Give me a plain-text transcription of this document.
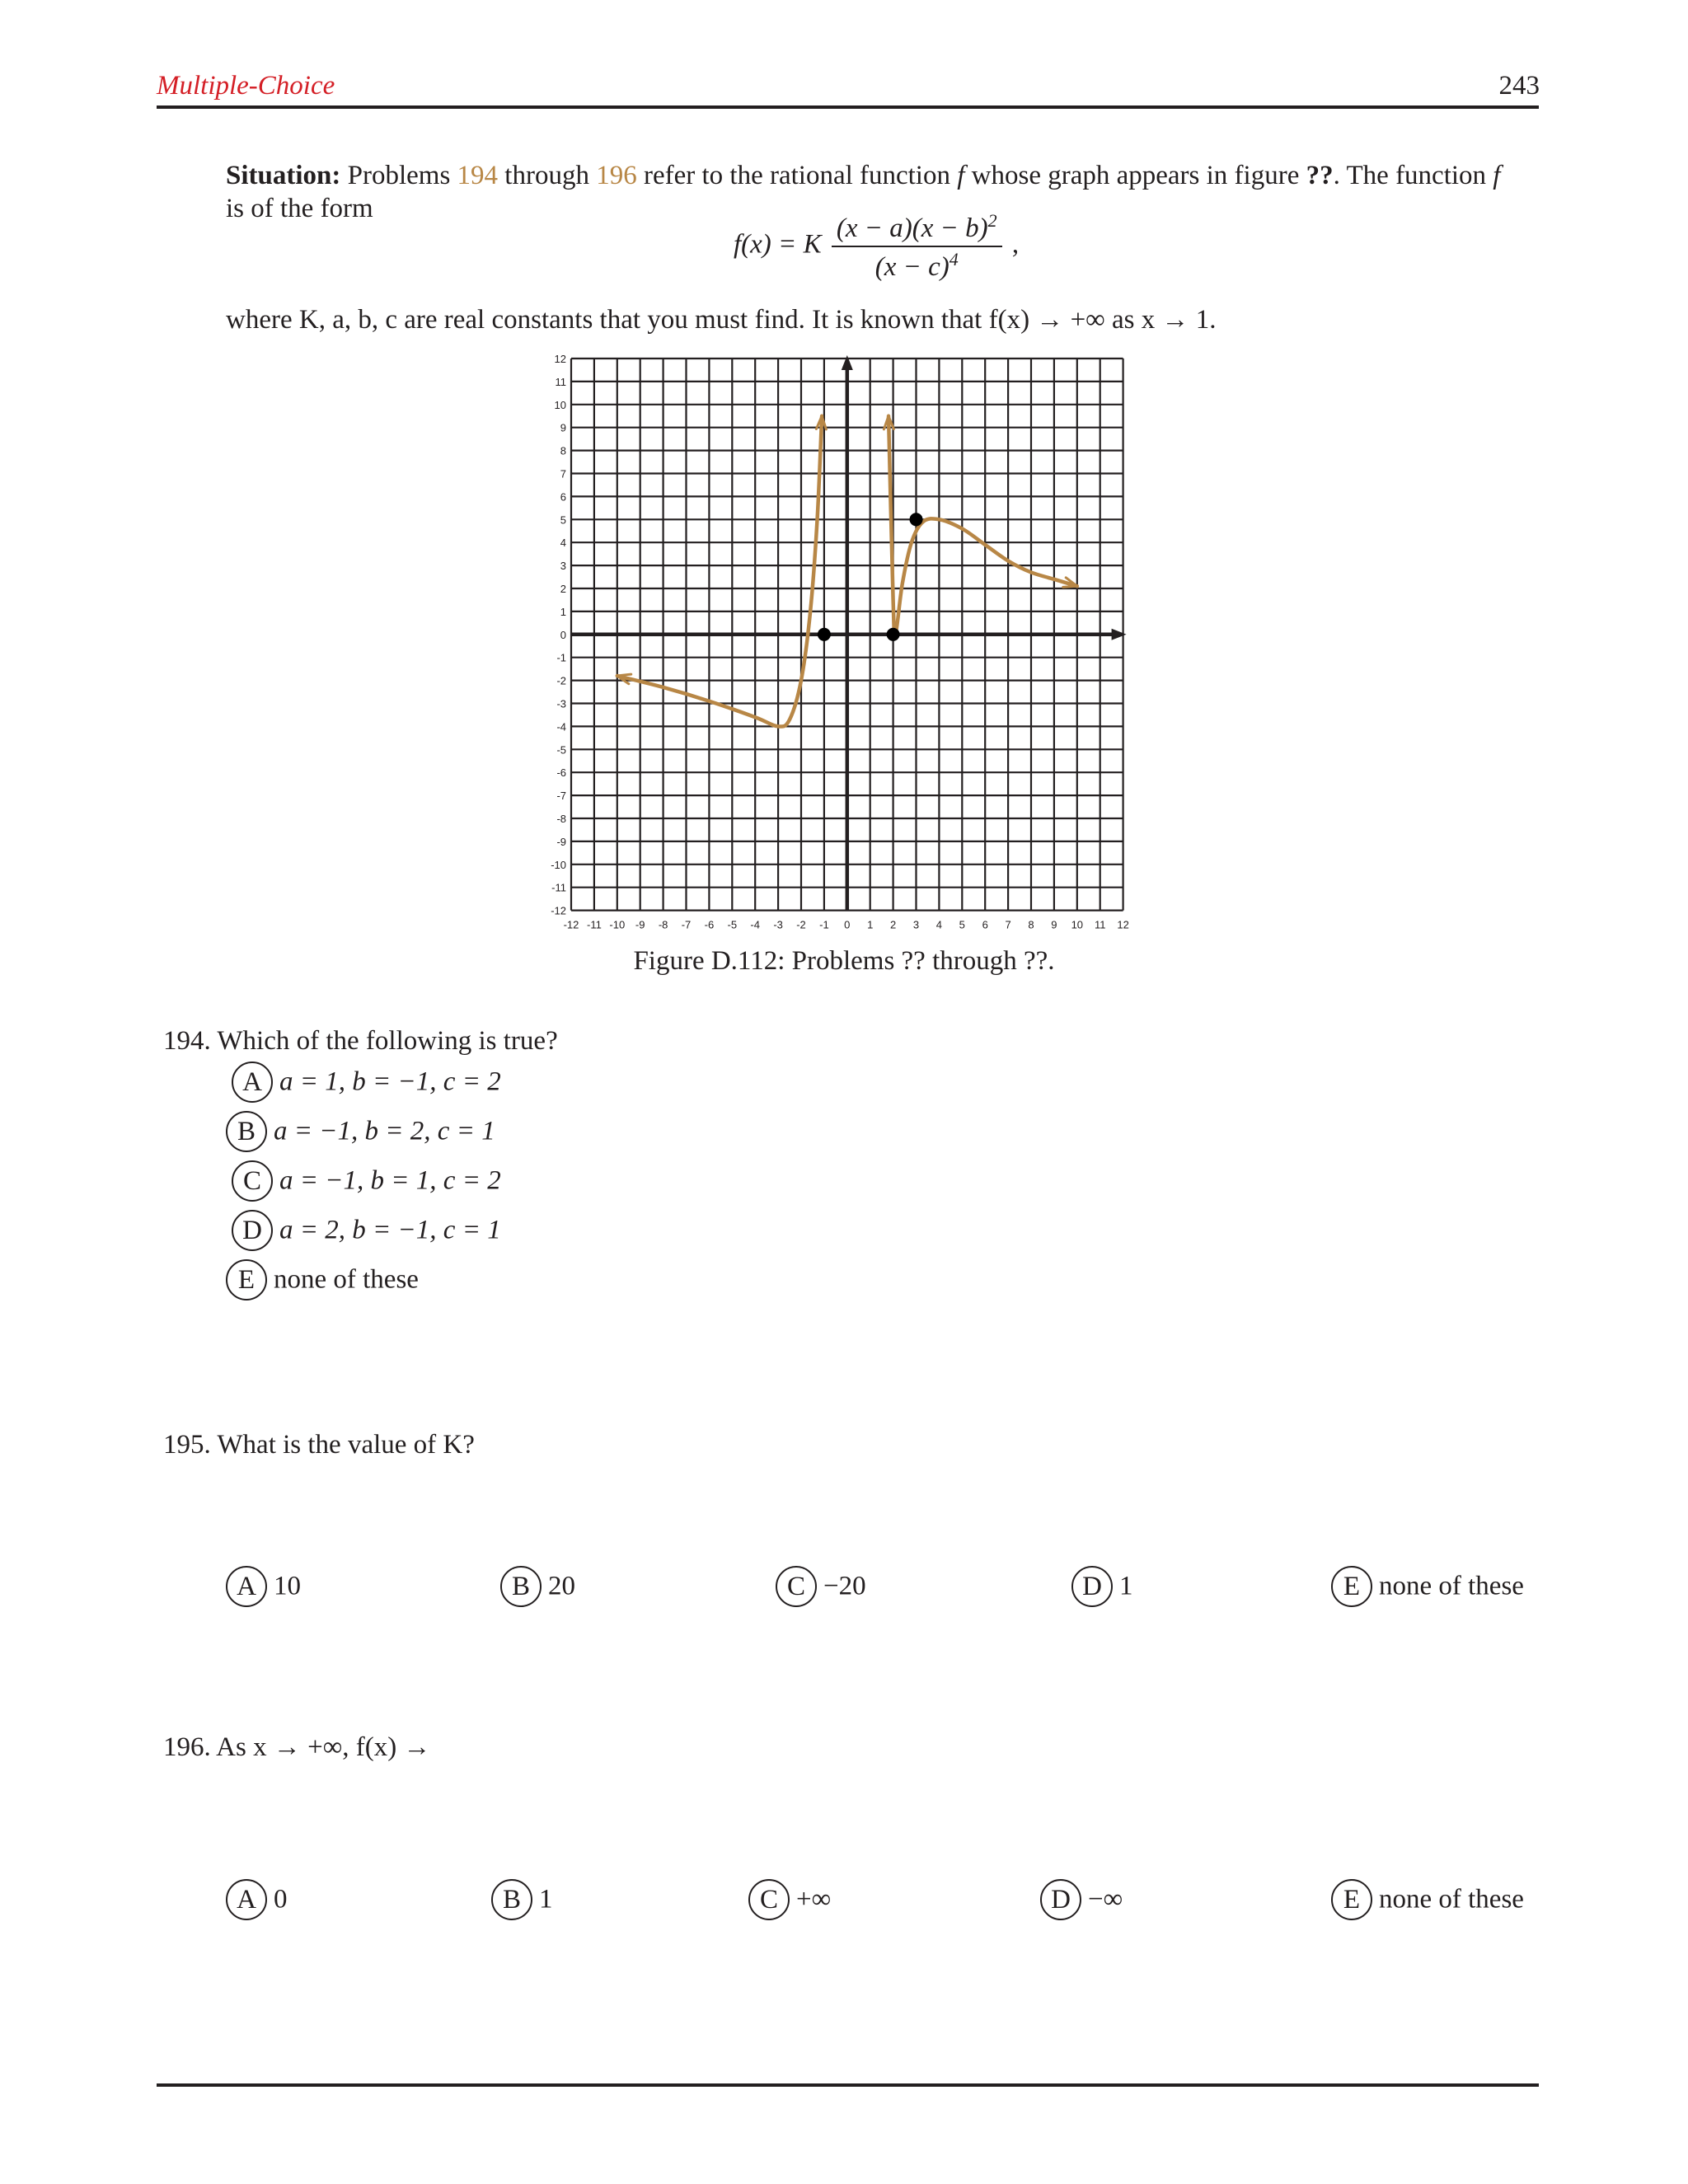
Multiple-Choice	243
Situation: Problems 194 through 196 refer to the rational function f whose graph appears in figure ??. The function f
is of the form
f(x) = K $\frac{(x - a)(x - b)^2}{(x - c)^4}$ ,
where K, a, b, c are real constants that you must find. It is known that f(x) → +∞ as x → 1.
-12 -11 -10 -9 -8 -7 -6 -5 -4 -3 -2 -1 0 1 2 3 4 5 6 7 8 9 10 11 12
12
11
10
9
8
7
6
5
4
3
2
1
0
-1
-2
-3
-4
-5
-6
-7
-8
-9
-10
-11
-12
Figure D.112: Problems ?? through ??.
194. Which of the following is true?
A a = 1, b = −1, c = 2
B a = −1, b = 2, c = 1
C a = −1, b = 1, c = 2
D a = 2, b = −1, c = 1
E none of these
195. What is the value of K?
A 10	B 20	C −20	D 1	E none of these
196. As x → +∞, f(x) →
A 0	B 1	C +∞	D −∞	E none of these
